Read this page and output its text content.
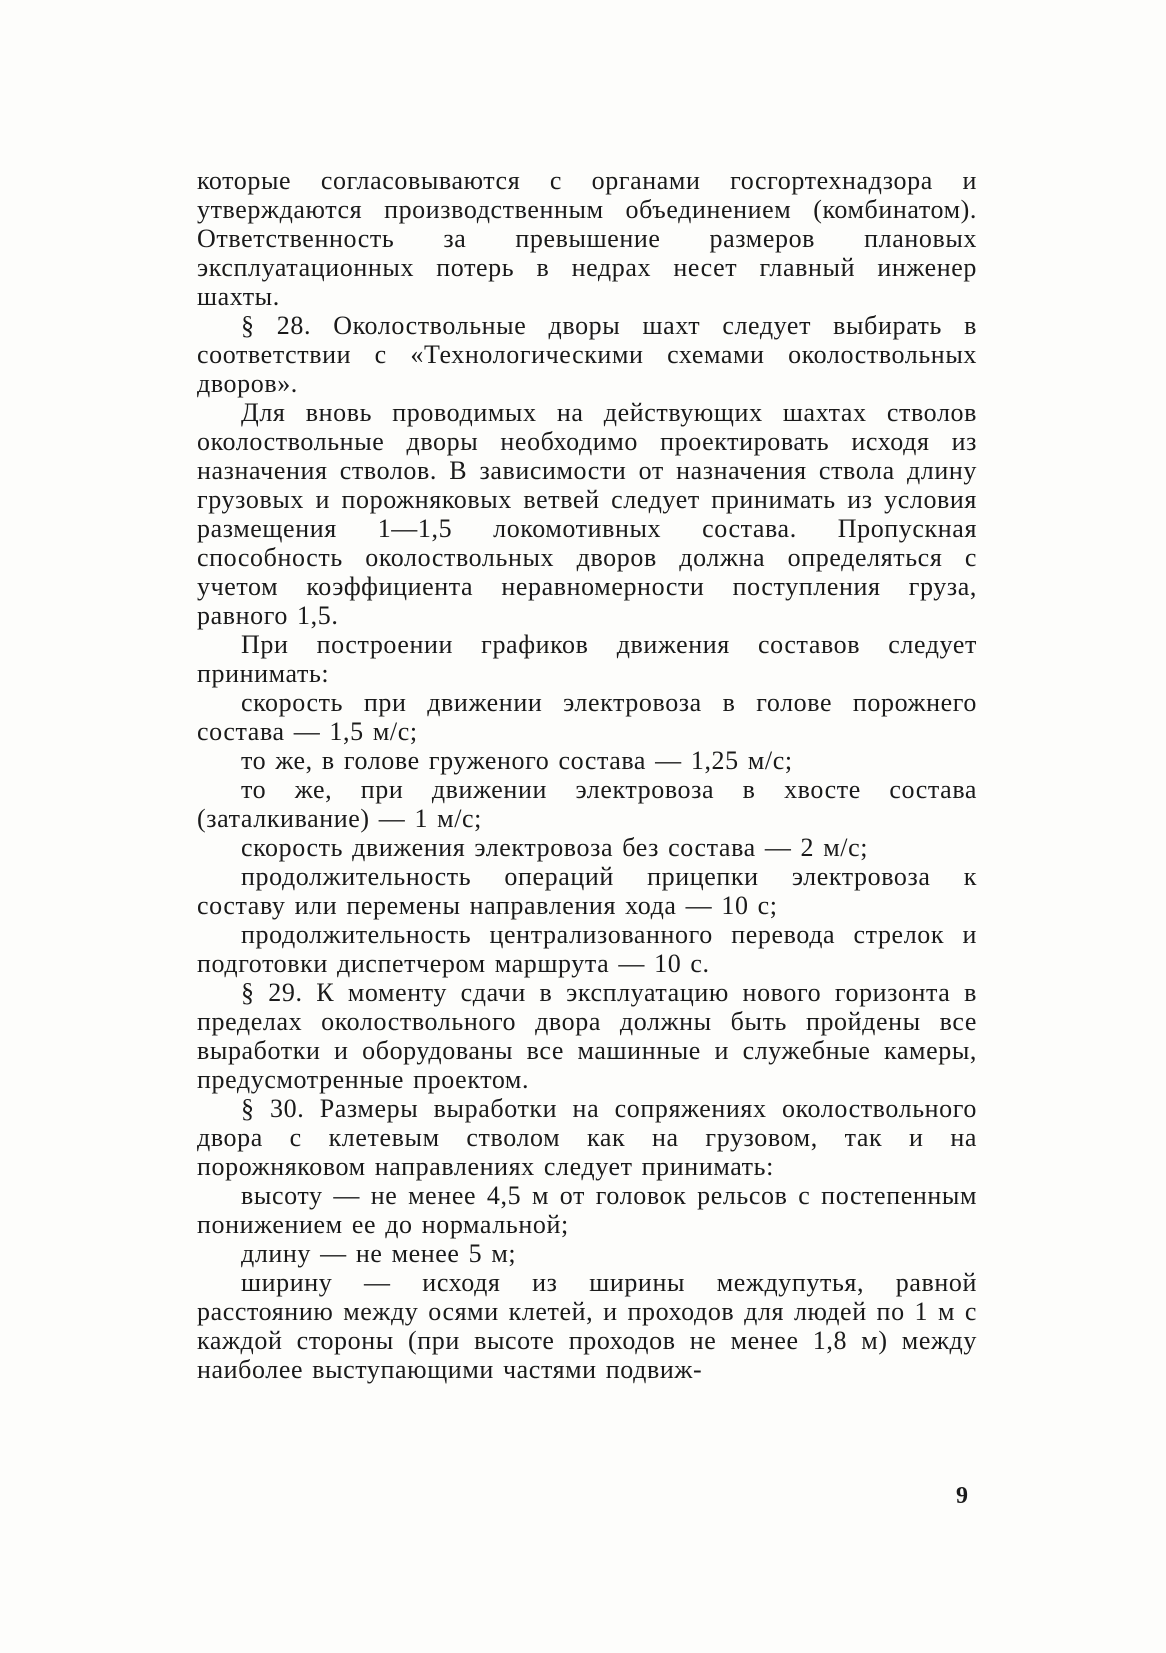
которые согласовываются с органами госгортехнадзора и утверждаются производственным объединением (комбинатом). Ответственность за превышение размеров плановых эксплуатационных потерь в недрах несет главный инженер шахты.

§ 28. Околоствольные дворы шахт следует выбирать в соответствии с «Технологическими схемами околоствольных дворов».

Для вновь проводимых на действующих шахтах стволов околоствольные дворы необходимо проектировать исходя из назначения стволов. В зависимости от назначения ствола длину грузовых и порожняковых ветвей следует принимать из условия размещения 1—1,5 локомотивных состава. Пропускная способность околоствольных дворов должна определяться с учетом коэффициента неравномерности поступления груза, равного 1,5.

При построении графиков движения составов следует принимать:

скорость при движении электровоза в голове порожнего состава — 1,5 м/с;

то же, в голове груженого состава — 1,25 м/с;

то же, при движении электровоза в хвосте состава (заталкивание) — 1 м/с;

скорость движения электровоза без состава — 2 м/с;

продолжительность операций прицепки электровоза к составу или перемены направления хода — 10 с;

продолжительность централизованного перевода стрелок и подготовки диспетчером маршрута — 10 с.

§ 29. К моменту сдачи в эксплуатацию нового горизонта в пределах околоствольного двора должны быть пройдены все выработки и оборудованы все машинные и служебные камеры, предусмотренные проектом.

§ 30. Размеры выработки на сопряжениях околоствольного двора с клетевым стволом как на грузовом, так и на порожняковом направлениях следует принимать:

высоту — не менее 4,5 м от головок рельсов с постепенным понижением ее до нормальной;

длину — не менее 5 м;

ширину — исходя из ширины междупутья, равной расстоянию между осями клетей, и проходов для людей по 1 м с каждой стороны (при высоте проходов не менее 1,8 м) между наиболее выступающими частями подвиж-

9
